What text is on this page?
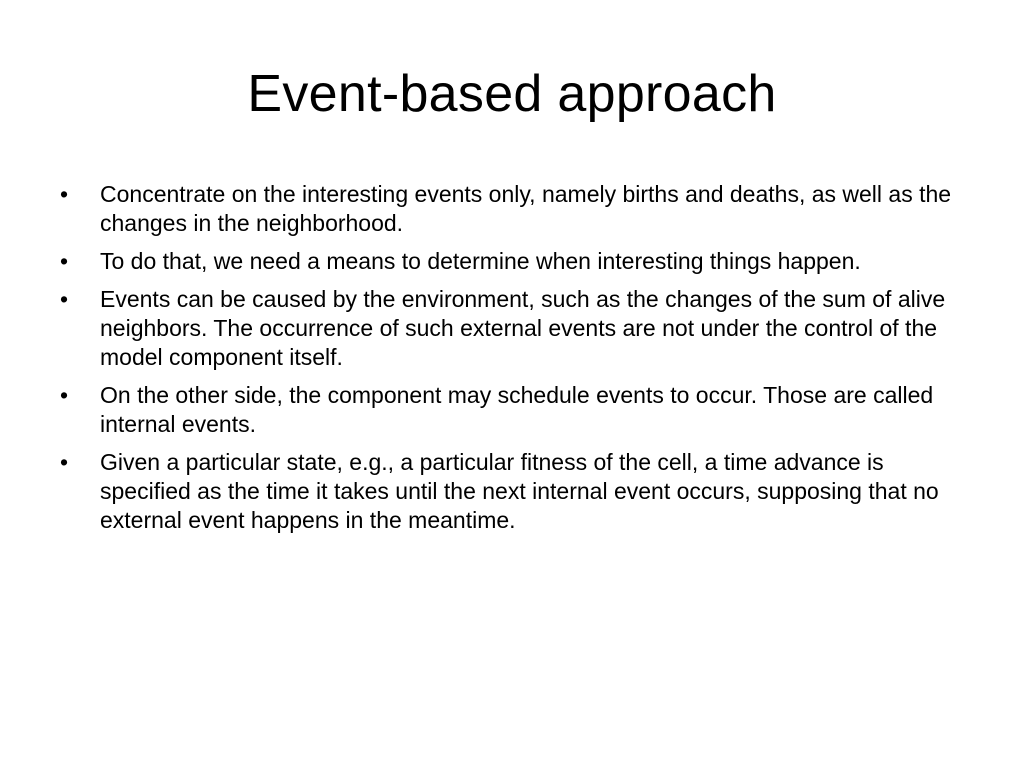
Event-based approach
•	Concentrate on the interesting events only, namely births and deaths, as well as the changes in the neighborhood.
•	To do that, we need a means to determine when interesting things happen.
•	Events can be caused by the environment, such as the changes of the sum of alive neighbors. The occurrence of such external events are not under the control of the model component itself.
•	On the other side, the component may schedule events to occur. Those are called internal events.
•	Given a particular state, e.g., a particular fitness of the cell, a time advance is specified as the time it takes until the next internal event occurs, supposing that no external event happens in the meantime.
